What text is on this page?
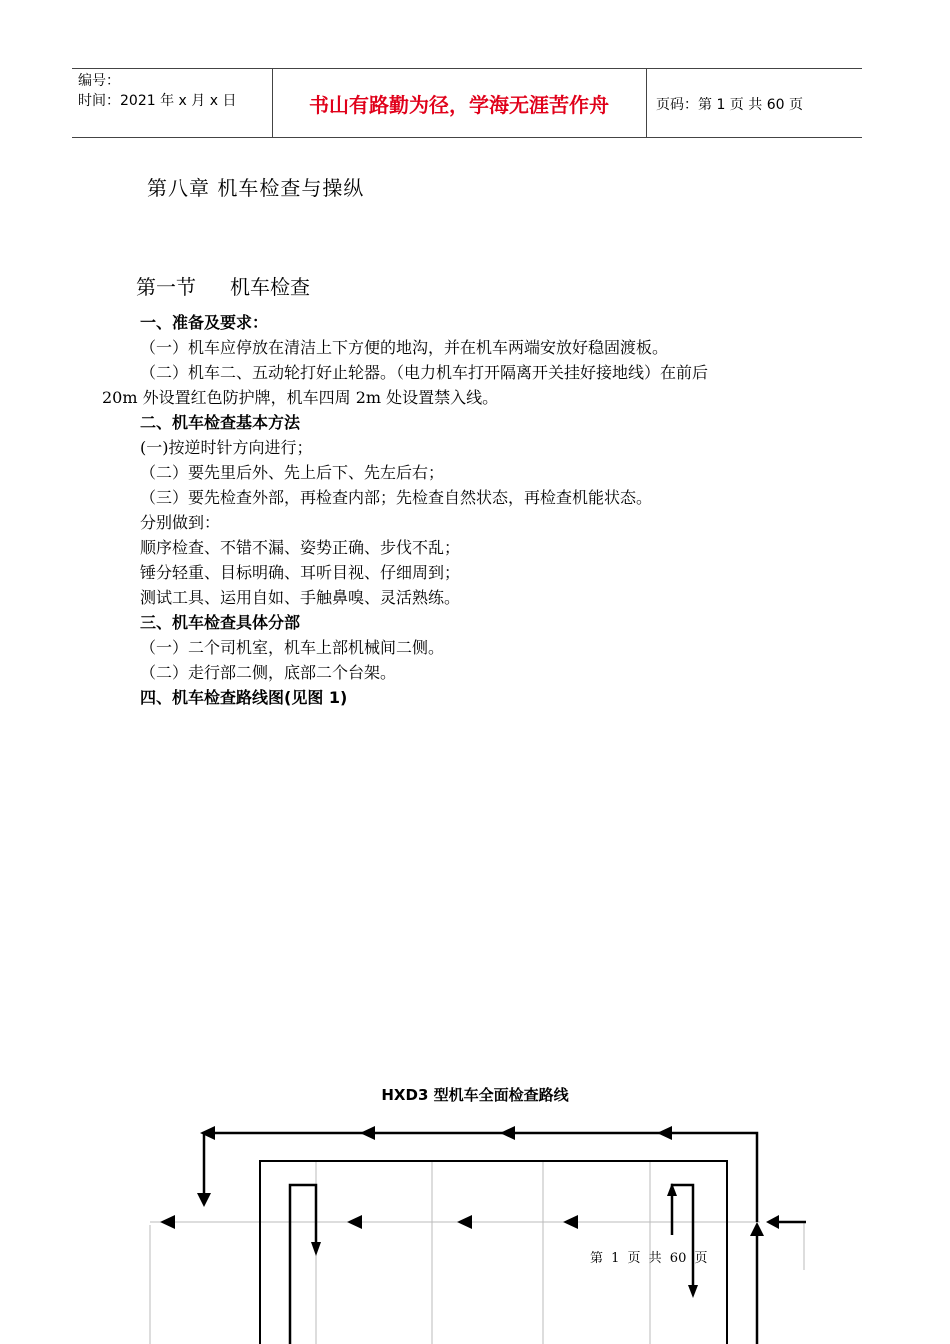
编号：
时间：2021 年 x 月 x 日	书山有路勤为径，学海无涯苦作舟	页码：第 1 页 共 60 页
第八章 机车检查与操纵
第一节 机车检查
一、准备及要求：
（一）机车应停放在清洁上下方便的地沟，并在机车两端安放好稳固渡板。
（二）机车二、五动轮打好止轮器。（电力机车打开隔离开关挂好接地线）在前后
20m 外设置红色防护牌，机车四周 2m 处设置禁入线。
二、机车检查基本方法
(一)按逆时针方向进行；
（二）要先里后外、先上后下、先左后右；
（三）要先检查外部，再检查内部；先检查自然状态，再检查机能状态。
分别做到：
顺序检查、不错不漏、姿势正确、步伐不乱；
锤分轻重、目标明确、耳听目视、仔细周到；
测试工具、运用自如、手触鼻嗅、灵活熟练。
三、机车检查具体分部
（一）二个司机室，机车上部机械间二侧。
（二）走行部二侧，底部二个台架。
四、机车检查路线图(见图 1)
HXD3 型机车全面检查路线
第 1 页 共 60 页
